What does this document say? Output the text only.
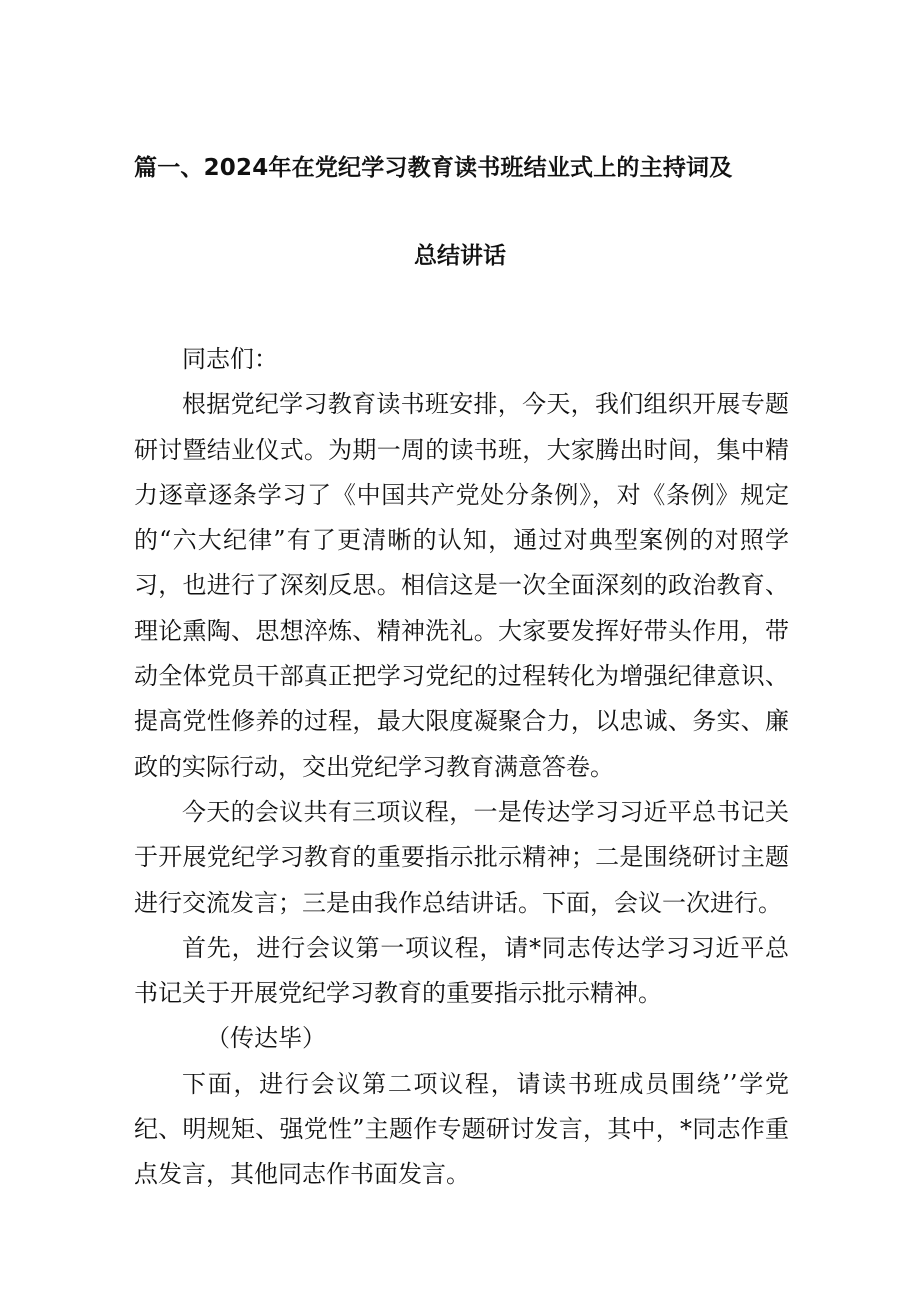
篇一、2024年在党纪学习教育读书班结业式上的主持词及
总结讲话

同志们：

根据党纪学习教育读书班安排，今天，我们组织开展专题研讨暨结业仪式。为期一周的读书班，大家腾出时间，集中精力逐章逐条学习了《中国共产党处分条例》，对《条例》规定的“六大纪律”有了更清晰的认知，通过对典型案例的对照学习，也进行了深刻反思。相信这是一次全面深刻的政治教育、理论熏陶、思想淬炼、精神洗礼。大家要发挥好带头作用，带动全体党员干部真正把学习党纪的过程转化为增强纪律意识、提高党性修养的过程，最大限度凝聚合力，以忠诚、务实、廉政的实际行动，交出党纪学习教育满意答卷。

今天的会议共有三项议程，一是传达学习习近平总书记关于开展党纪学习教育的重要指示批示精神；二是围绕研讨主题进行交流发言；三是由我作总结讲话。下面，会议一次进行。

首先，进行会议第一项议程，请*同志传达学习习近平总书记关于开展党纪学习教育的重要指示批示精神。

（传达毕）

下面，进行会议第二项议程，请读书班成员围绕’’学党纪、明规矩、强党性”主题作专题研讨发言，其中，*同志作重点发言，其他同志作书面发言。
